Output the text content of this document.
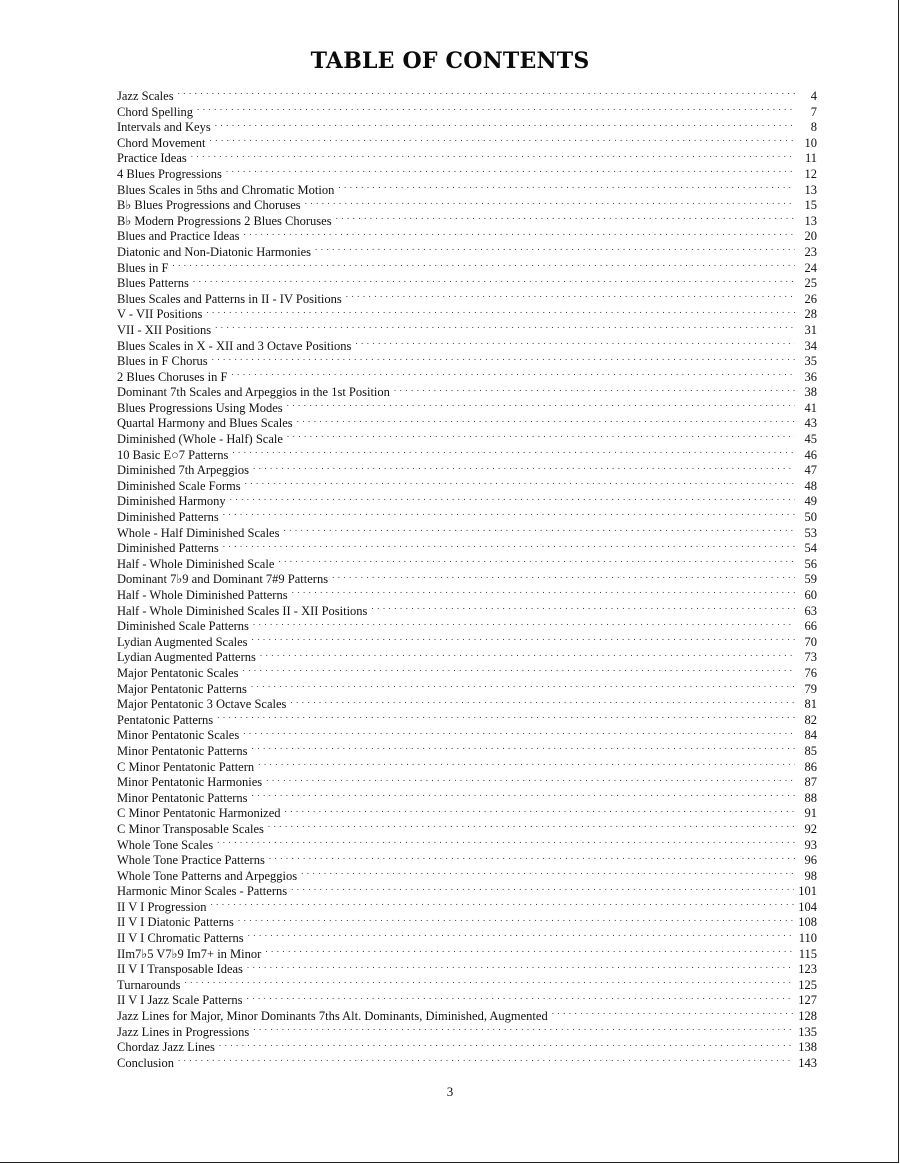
TABLE OF CONTENTS
Jazz Scales . . .	4
Chord Spelling . . .	7
Intervals and Keys . . .	8
Chord Movement . . .	10
Practice Ideas . . .	11
4 Blues Progressions . . .	12
Blues Scales in 5ths and Chromatic Motion . . .	13
B♭ Blues Progressions and Choruses . . .	15
B♭ Modern Progressions 2 Blues Choruses . . .	13
Blues and Practice Ideas . . .	20
Diatonic and Non-Diatonic Harmonies . . .	23
Blues in F . . .	24
Blues Patterns . . .	25
Blues Scales and Patterns in II - IV Positions . . .	26
V - VII Positions . . .	28
VII - XII Positions . . .	31
Blues Scales in X - XII and 3 Octave Positions . . .	34
Blues in F Chorus . . .	35
2 Blues Choruses in F . . .	36
Dominant 7th Scales and Arpeggios in the 1st Position . . .	38
Blues Progressions Using Modes . . .	41
Quartal Harmony and Blues Scales . . .	43
Diminished (Whole - Half) Scale . . .	45
10 Basic E○7 Patterns . . .	46
Diminished 7th Arpeggios . . .	47
Diminished Scale Forms . . .	48
Diminished Harmony . . .	49
Diminished Patterns . . .	50
Whole - Half Diminished Scales . . .	53
Diminished Patterns . . .	54
Half - Whole Diminished Scale . . .	56
Dominant 7♭9 and Dominant 7#9 Patterns . . .	59
Half - Whole Diminished Patterns . . .	60
Half - Whole Diminished Scales II - XII Positions . . .	63
Diminished Scale Patterns . . .	66
Lydian Augmented Scales . . .	70
Lydian Augmented Patterns . . .	73
Major Pentatonic Scales . . .	76
Major Pentatonic Patterns . . .	79
Major Pentatonic 3 Octave Scales . . .	81
Pentatonic Patterns . . .	82
Minor Pentatonic Scales . . .	84
Minor Pentatonic Patterns . . .	85
C Minor Pentatonic Pattern . . .	86
Minor Pentatonic Harmonies . . .	87
Minor Pentatonic Patterns . . .	88
C Minor Pentatonic Harmonized . . .	91
C Minor Transposable Scales . . .	92
Whole Tone Scales . . .	93
Whole Tone Practice Patterns . . .	96
Whole Tone Patterns and Arpeggios . . .	98
Harmonic Minor Scales - Patterns . . .	101
II V I Progression . . .	104
II V I Diatonic Patterns . . .	108
II V I Chromatic Patterns . . .	110
IIm7♭5 V7♭9 Im7+ in Minor . . .	115
II V I Transposable Ideas . . .	123
Turnarounds . . .	125
II V I Jazz Scale Patterns . . .	127
Jazz Lines for Major, Minor Dominants 7ths Alt. Dominants, Diminished, Augmented . . .	128
Jazz Lines in Progressions . . .	135
Chordaz Jazz Lines . . .	138
Conclusion . . .	143
3
